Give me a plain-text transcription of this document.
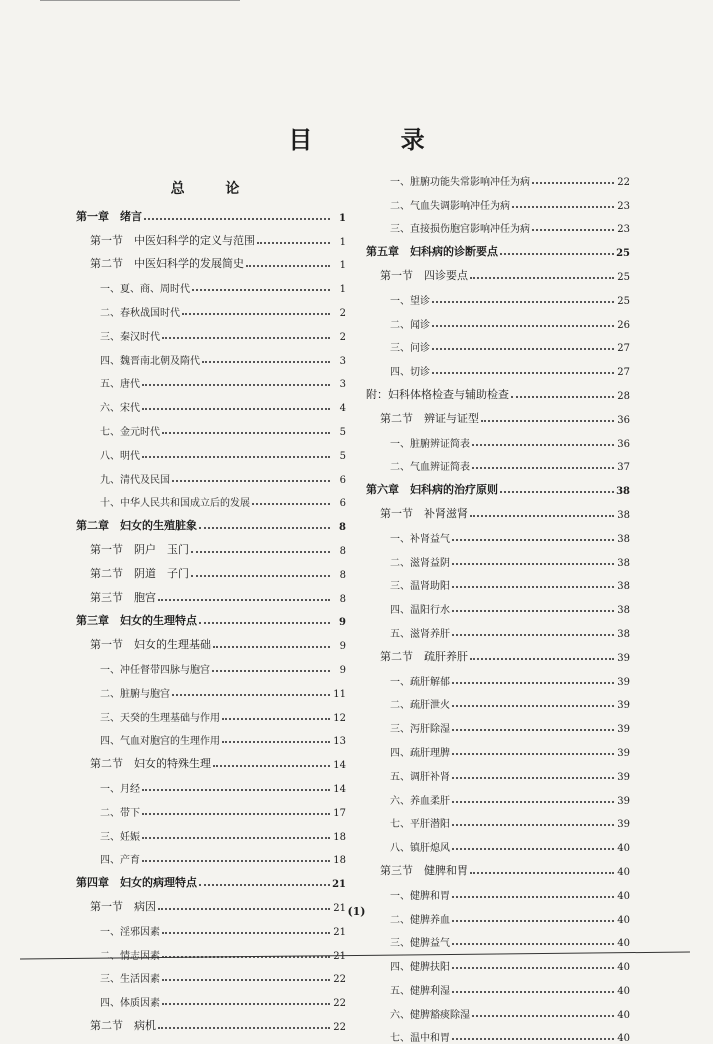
目 录
总 论
第一章　绪言	1
第一节　中医妇科学的定义与范围	1
第二节　中医妇科学的发展简史	1
一、夏、商、周时代	1
二、春秋战国时代	2
三、秦汉时代	2
四、魏晋南北朝及隋代	3
五、唐代	3
六、宋代	4
七、金元时代	5
八、明代	5
九、清代及民国	6
十、中华人民共和国成立后的发展	6
第二章　妇女的生殖脏象	8
第一节　阴户　玉门	8
第二节　阴道　子门	8
第三节　胞宫	8
第三章　妇女的生理特点	9
第一节　妇女的生理基础	9
一、冲任督带四脉与胞宫	9
二、脏腑与胞宫	11
三、天癸的生理基础与作用	12
四、气血对胞宫的生理作用	13
第二节　妇女的特殊生理	14
一、月经	14
二、带下	17
三、妊娠	18
四、产育	18
第四章　妇女的病理特点	21
第一节　病因	21
一、淫邪因素	21
二、情志因素	21
三、生活因素	22
四、体质因素	22
第二节　病机	22
一、脏腑功能失常影响冲任为病	22
二、气血失调影响冲任为病	23
三、直接损伤胞宫影响冲任为病	23
第五章　妇科病的诊断要点	25
第一节　四诊要点	25
一、望诊	25
二、闻诊	26
三、问诊	27
四、切诊	27
附：妇科体格检查与辅助检查	28
第二节　辨证与证型	36
一、脏腑辨证简表	36
二、气血辨证简表	37
第六章　妇科病的治疗原则	38
第一节　补肾滋肾	38
一、补肾益气	38
二、滋肾益阴	38
三、温肾助阳	38
四、温阳行水	38
五、滋肾养肝	38
第二节　疏肝养肝	39
一、疏肝解郁	39
二、疏肝泄火	39
三、泻肝除湿	39
四、疏肝理脾	39
五、调肝补肾	39
六、养血柔肝	39
七、平肝潜阳	39
八、镇肝熄风	40
第三节　健脾和胃	40
一、健脾和胃	40
二、健脾养血	40
三、健脾益气	40
四、健脾扶阳	40
五、健脾利湿	40
六、健脾豁痰除湿	40
七、温中和胃	40
(1)
